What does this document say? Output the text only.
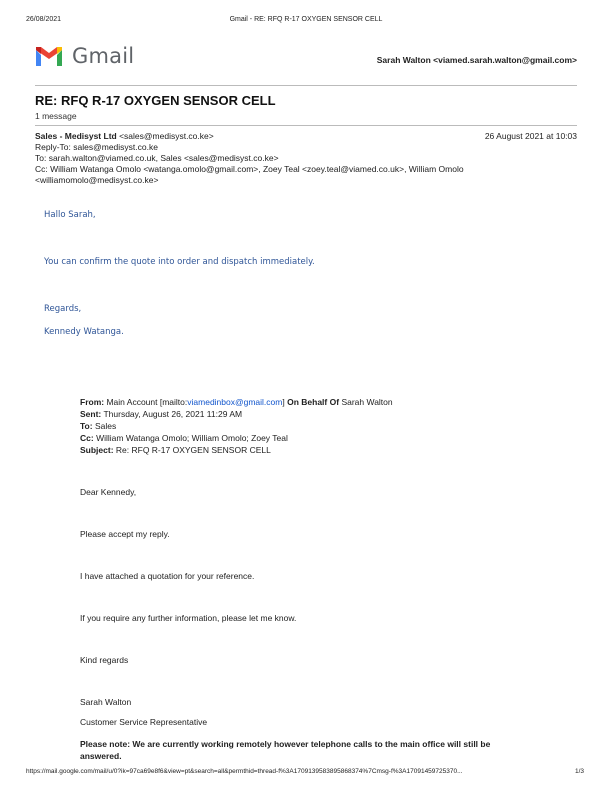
26/08/2021	Gmail - RE: RFQ R-17 OXYGEN SENSOR CELL
Gmail	Sarah Walton <viamed.sarah.walton@gmail.com>
RE: RFQ R-17 OXYGEN SENSOR CELL
1 message
Sales - Medisyst Ltd <sales@medisyst.co.ke>	26 August 2021 at 10:03
Reply-To: sales@medisyst.co.ke
To: sarah.walton@viamed.co.uk, Sales <sales@medisyst.co.ke>
Cc: William Watanga Omolo <watanga.omolo@gmail.com>, Zoey Teal <zoey.teal@viamed.co.uk>, William Omolo
<williamomolo@medisyst.co.ke>
Hallo Sarah,
You can confirm the quote into order and dispatch immediately.
Regards,
Kennedy Watanga.
From: Main Account [mailto:viamedinbox@gmail.com] On Behalf Of Sarah Walton
Sent: Thursday, August 26, 2021 11:29 AM
To: Sales
Cc: William Watanga Omolo; William Omolo; Zoey Teal
Subject: Re: RFQ R-17 OXYGEN SENSOR CELL
Dear Kennedy,
Please accept my reply.
I have attached a quotation for your reference.
If you require any further information, please let me know.
Kind regards
Sarah Walton
Customer Service Representative
Please note: We are currently working remotely however telephone calls to the main office will still be
answered.
https://mail.google.com/mail/u/0?ik=97ca69e8f6&view=pt&search=all&permthid=thread-f%3A1709139583895868374%7Cmsg-f%3A17091459725370...	1/3
